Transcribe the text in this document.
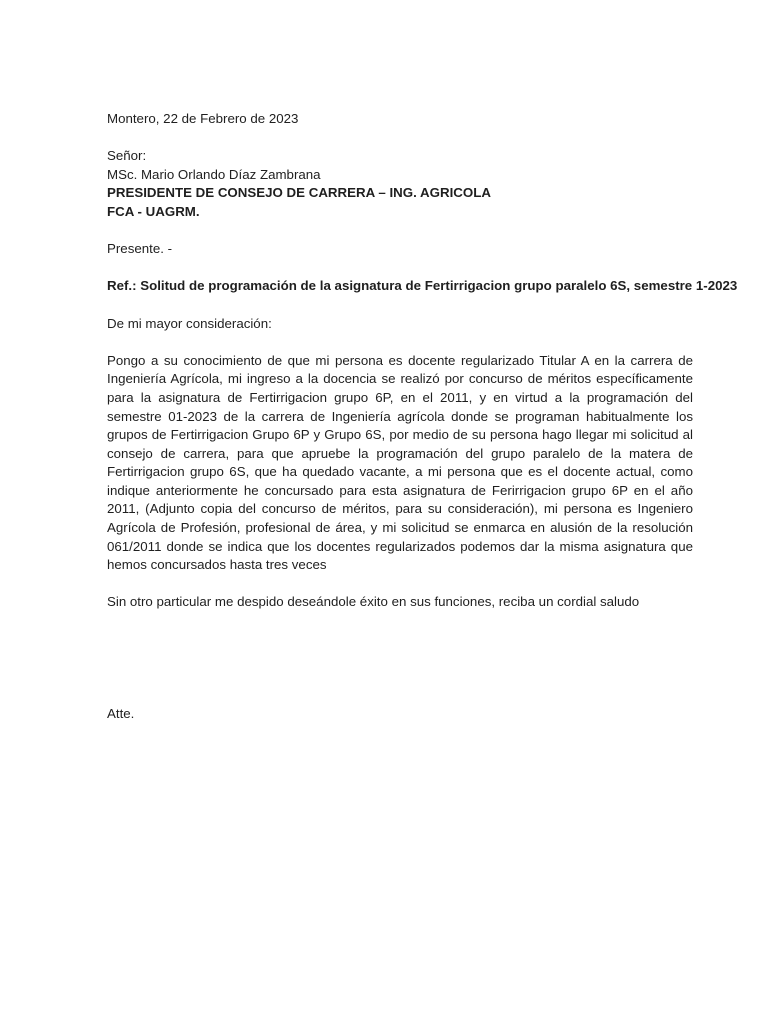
Montero, 22 de Febrero de 2023

Señor:

MSc. Mario Orlando Díaz Zambrana

PRESIDENTE DE CONSEJO DE CARRERA – ING. AGRICOLA

FCA - UAGRM.

Presente. -

Ref.: Solitud de programación de la asignatura de Fertirrigacion grupo paralelo 6S, semestre 1-2023

De mi mayor consideración:

Pongo a su conocimiento de que mi persona es docente regularizado Titular A en la carrera de Ingeniería Agrícola, mi ingreso a la docencia se realizó por concurso de méritos específicamente para la asignatura de Fertirrigacion grupo 6P, en el 2011, y en virtud a la programación del semestre 01-2023 de la carrera de Ingeniería agrícola donde se programan habitualmente los grupos de Fertirrigacion Grupo 6P y Grupo 6S, por medio de su persona hago llegar mi solicitud al consejo de carrera, para que apruebe la programación del grupo paralelo de la matera de Fertirrigacion grupo 6S, que ha quedado vacante, a mi persona que es el docente actual, como indique anteriormente he concursado para esta asignatura de Ferirrigacion grupo 6P en el año 2011, (Adjunto copia del concurso de méritos, para su consideración), mi persona es Ingeniero Agrícola de Profesión, profesional de área, y mi solicitud se enmarca en alusión de la resolución 061/2011 donde se indica que los docentes regularizados podemos dar la misma asignatura que hemos concursados hasta tres veces

Sin otro particular me despido deseándole éxito en sus funciones, reciba un cordial saludo

Atte.
